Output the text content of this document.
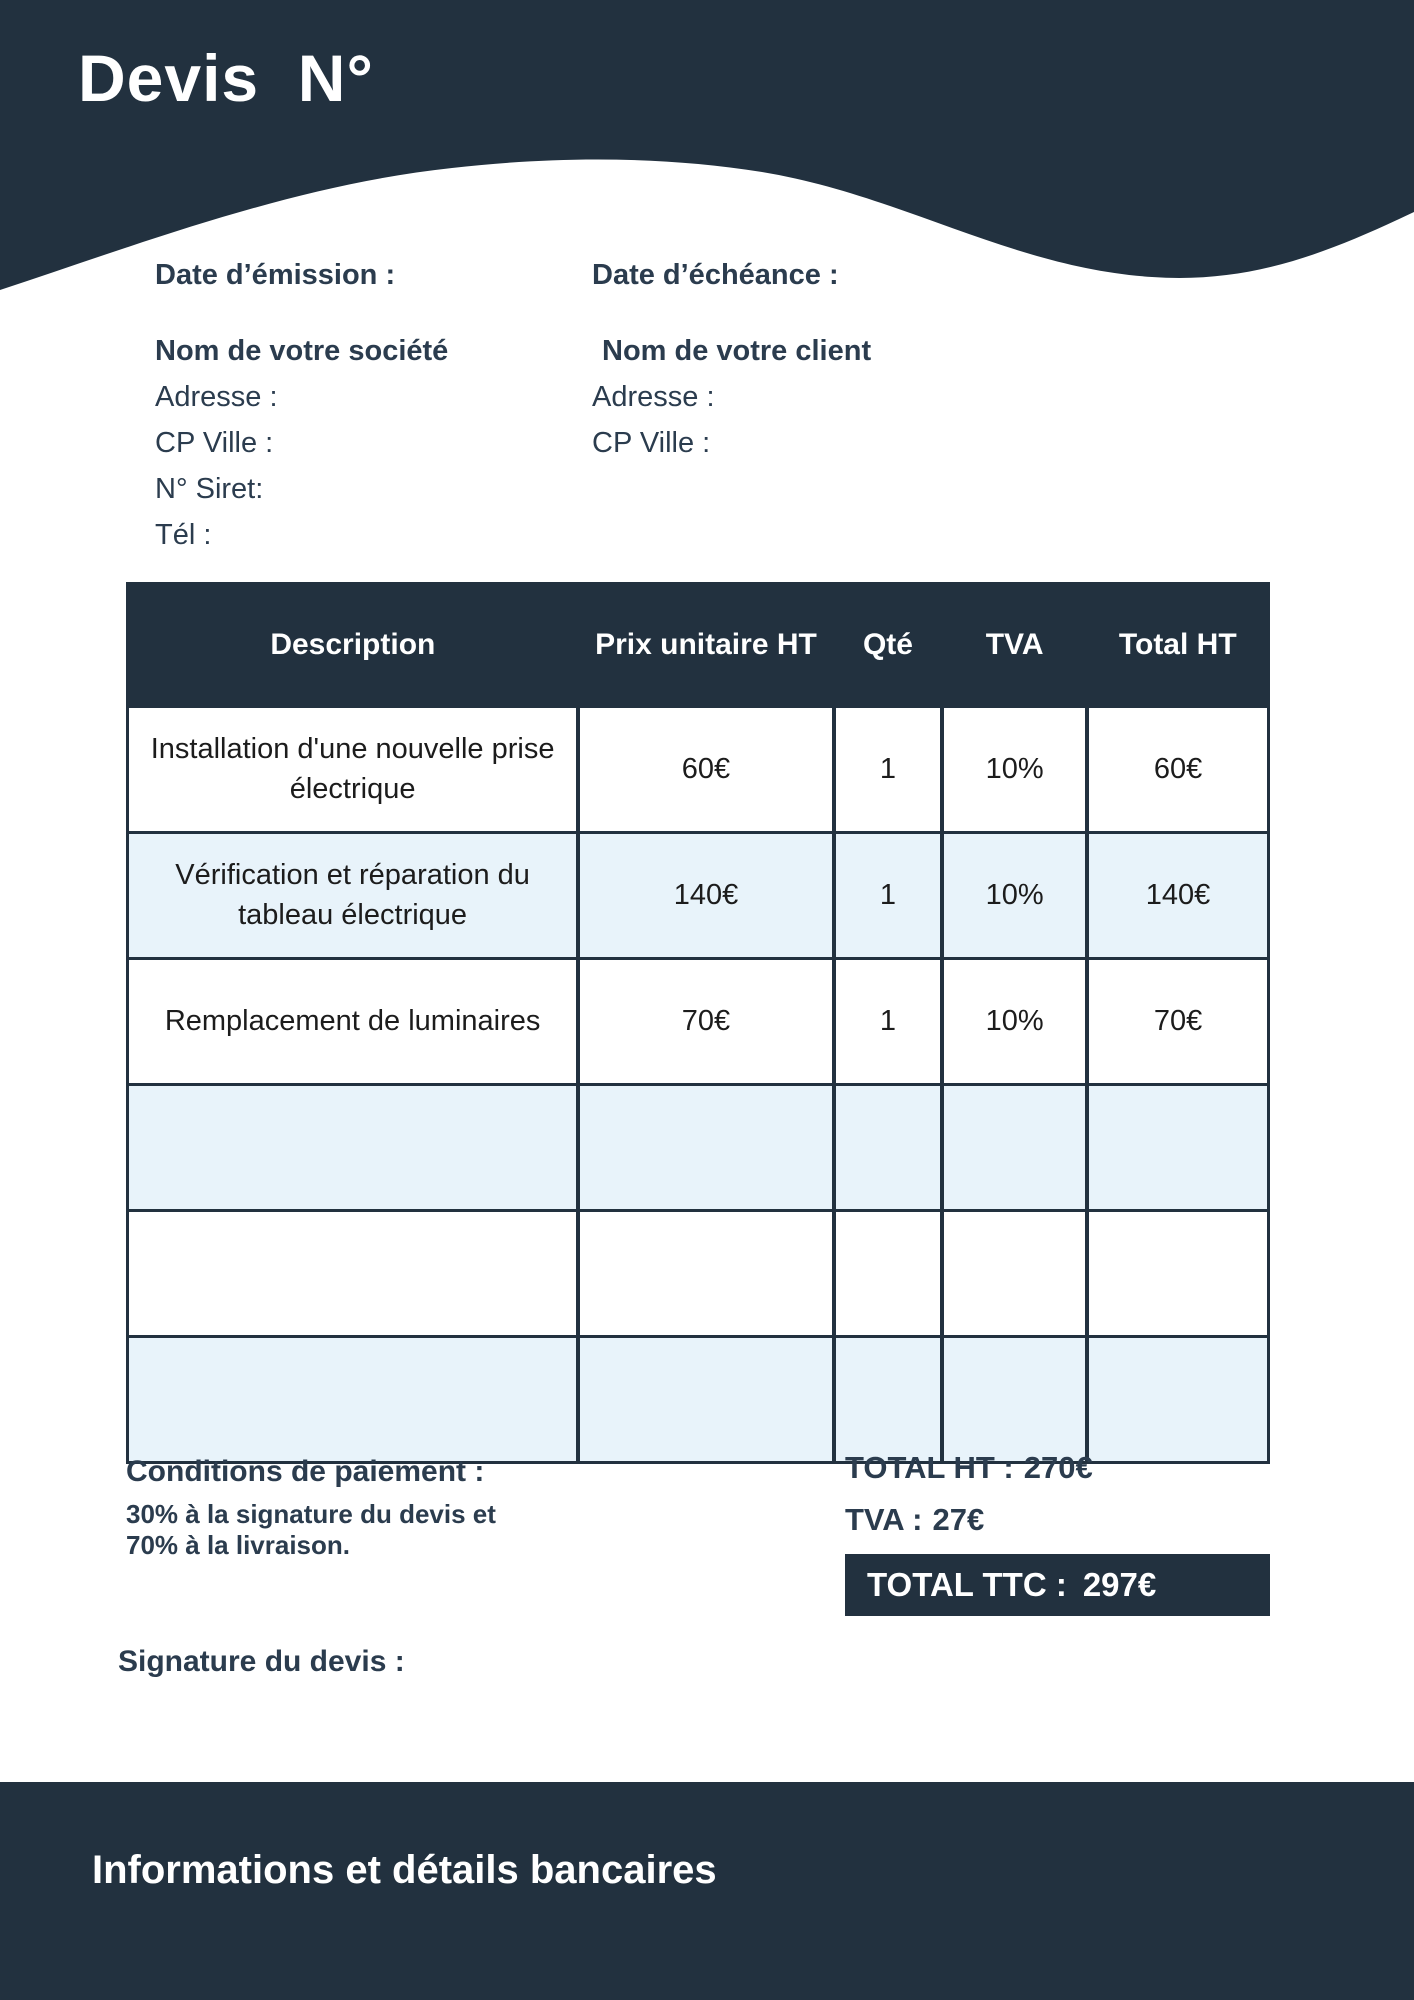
Devis  N°

Date d’émission :

Nom de votre société

Adresse :

CP Ville :

N° Siret:

Tél :

Date d’échéance :

Nom de votre client

Adresse :

CP Ville :

Description	Prix unitaire HT	Qté	TVA	Total HT
Installation d'une nouvelle prise électrique	60€	1	10%	60€
Vérification et réparation du tableau électrique	140€	1	10%	140€
Remplacement de luminaires	70€	1	10%	70€

Conditions de paiement :

30% à la signature du devis et

70% à la livraison.

TOTAL HT : 270€

TVA : 27€

TOTAL TTC : 297€
Signature du devis :
Informations et détails bancaires
